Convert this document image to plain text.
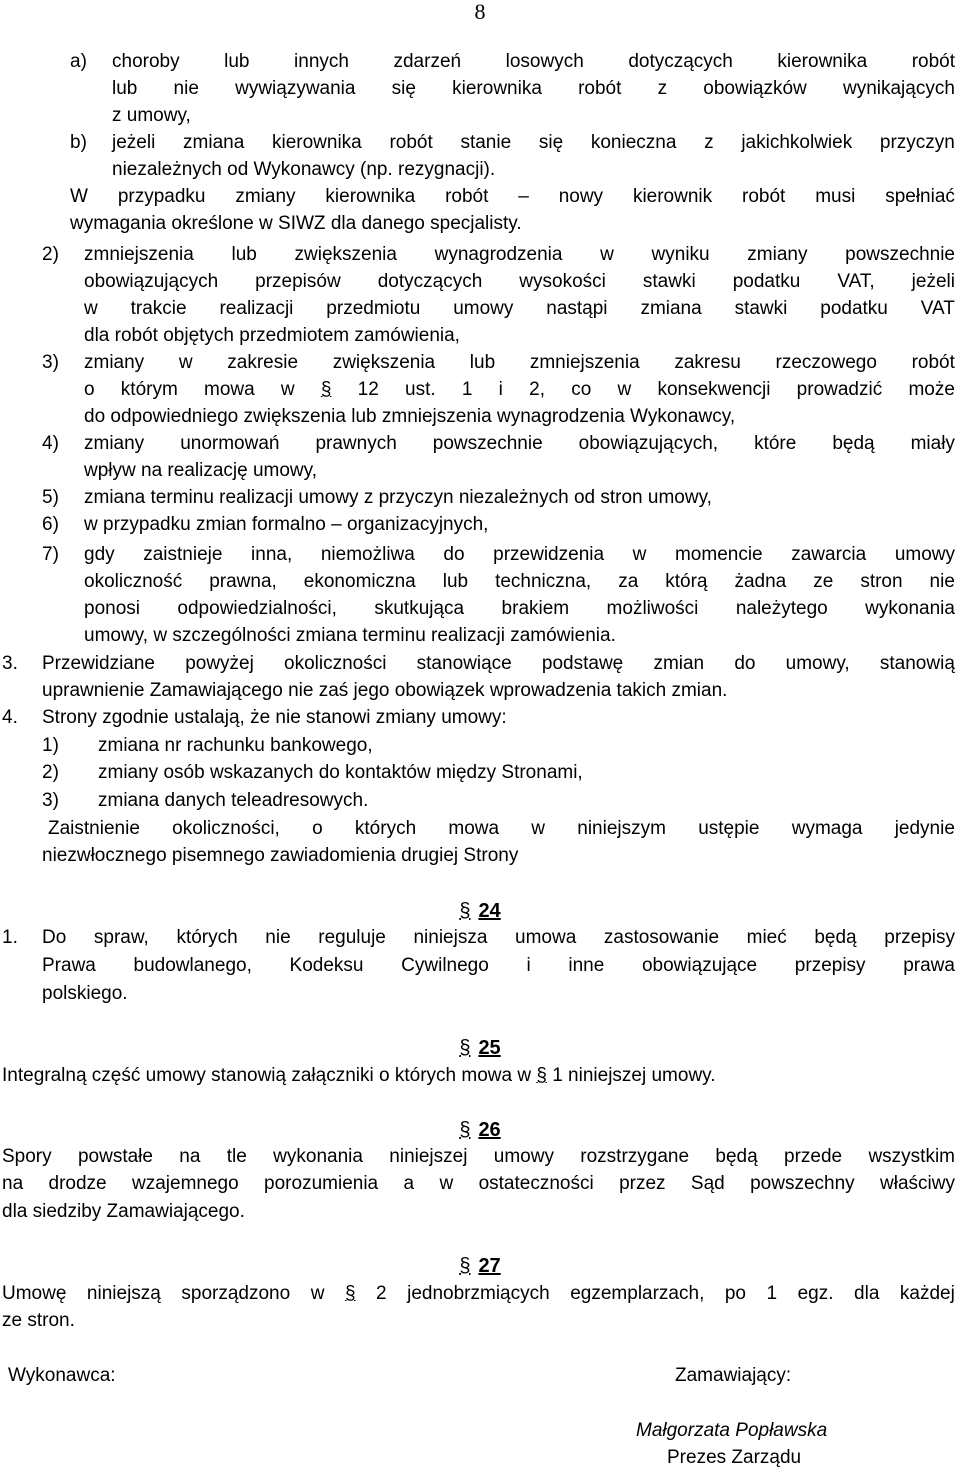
8
a) choroby lub innych zdarzeń losowych dotyczących kierownika robót
lub nie wywiązywania się kierownika robót z obowiązków wynikających
z umowy,
b) jeżeli zmiana kierownika robót stanie się konieczna z jakichkolwiek przyczyn
niezależnych od Wykonawcy (np. rezygnacji).
W przypadku zmiany kierownika robót – nowy kierownik robót musi spełniać
wymagania określone w SIWZ dla danego specjalisty.
2) zmniejszenia lub zwiększenia wynagrodzenia w wyniku zmiany powszechnie
obowiązujących przepisów dotyczących wysokości stawki podatku VAT, jeżeli
w trakcie realizacji przedmiotu umowy nastąpi zmiana stawki podatku VAT
dla robót objętych przedmiotem zamówienia,
3) zmiany w zakresie zwiększenia lub zmniejszenia zakresu rzeczowego robót
o którym mowa w § 12 ust. 1 i 2, co w konsekwencji prowadzić może
do odpowiedniego zwiększenia lub zmniejszenia wynagrodzenia Wykonawcy,
4) zmiany unormowań prawnych powszechnie obowiązujących, które będą miały
wpływ na realizację umowy,
5) zmiana terminu realizacji umowy z przyczyn niezależnych od stron umowy,
6) w przypadku zmian formalno – organizacyjnych,
7) gdy zaistnieje inna, niemożliwa do przewidzenia w momencie zawarcia umowy
okoliczność prawna, ekonomiczna lub techniczna, za którą żadna ze stron nie
ponosi odpowiedzialności, skutkująca brakiem możliwości należytego wykonania
umowy, w szczególności zmiana terminu realizacji zamówienia.
3. Przewidziane powyżej okoliczności stanowiące podstawę zmian do umowy, stanowią
uprawnienie Zamawiającego nie zaś jego obowiązek wprowadzenia takich zmian.
4. Strony zgodnie ustalają, że nie stanowi zmiany umowy:
1) zmiana nr rachunku bankowego,
2) zmiany osób wskazanych do kontaktów między Stronami,
3) zmiana danych teleadresowych.
Zaistnienie okoliczności, o których mowa w niniejszym ustępie wymaga jedynie
niezwłocznego pisemnego zawiadomienia drugiej Strony
§ 24
1. Do spraw, których nie reguluje niniejsza umowa zastosowanie mieć będą przepisy
Prawa budowlanego, Kodeksu Cywilnego i inne obowiązujące przepisy prawa
polskiego.
§ 25
Integralną część umowy stanowią załączniki o których mowa w § 1 niniejszej umowy.
§ 26
Spory powstałe na tle wykonania niniejszej umowy rozstrzygane będą przede wszystkim
na drodze wzajemnego porozumienia a w ostateczności przez Sąd powszechny właściwy
dla siedziby Zamawiającego.
§ 27
Umowę niniejszą sporządzono w § 2 jednobrzmiących egzemplarzach, po 1 egz. dla każdej
ze stron.
Wykonawca:	Zamawiający:
Małgorzata Popławska
Prezes Zarządu
